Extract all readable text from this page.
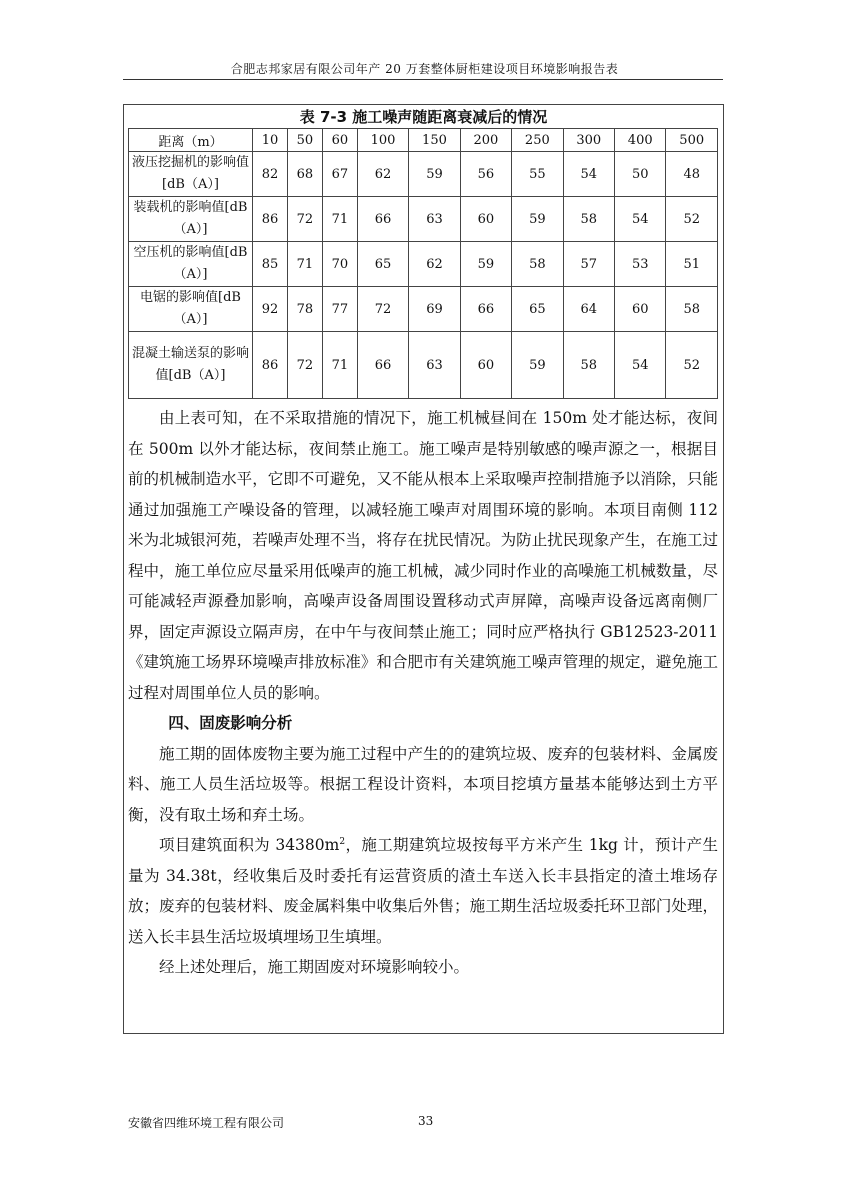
合肥志邦家居有限公司年产 20 万套整体厨柜建设项目环境影响报告表
表 7-3 施工噪声随距离衰减后的情况
距离（m）	10	50	60	100	150	200	250	300	400	500
液压挖掘机的影响值[dB（A）]	82	68	67	62	59	56	55	54	50	48
装载机的影响值[dB（A）]	86	72	71	66	63	60	59	58	54	52
空压机的影响值[dB（A）]	85	71	70	65	62	59	58	57	53	51
电锯的影响值[dB（A）]	92	78	77	72	69	66	65	64	60	58
混凝土输送泵的影响值[dB（A）]	86	72	71	66	63	60	59	58	54	52

由上表可知，在不采取措施的情况下，施工机械昼间在 150m 处才能达标，夜间在 500m 以外才能达标，夜间禁止施工。施工噪声是特别敏感的噪声源之一，根据目前的机械制造水平，它即不可避免，又不能从根本上采取噪声控制措施予以消除，只能通过加强施工产噪设备的管理，以减轻施工噪声对周围环境的影响。本项目南侧 112 米为北城银河苑，若噪声处理不当，将存在扰民情况。为防止扰民现象产生，在施工过程中，施工单位应尽量采用低噪声的施工机械，减少同时作业的高噪施工机械数量，尽可能减轻声源叠加影响，高噪声设备周围设置移动式声屏障，高噪声设备远离南侧厂界，固定声源设立隔声房，在中午与夜间禁止施工；同时应严格执行 GB12523-2011《建筑施工场界环境噪声排放标准》和合肥市有关建筑施工噪声管理的规定，避免施工过程对周围单位人员的影响。

四、固废影响分析

施工期的固体废物主要为施工过程中产生的的建筑垃圾、废弃的包装材料、金属废料、施工人员生活垃圾等。根据工程设计资料，本项目挖填方量基本能够达到土方平衡，没有取土场和弃土场。

项目建筑面积为 $34380m^2$，施工期建筑垃圾按每平方米产生 1kg 计，预计产生量为 34.38t，经收集后及时委托有运营资质的渣土车送入长丰县指定的渣土堆场存放；废弃的包装材料、废金属料集中收集后外售；施工期生活垃圾委托环卫部门处理，送入长丰县生活垃圾填埋场卫生填埋。

经上述处理后，施工期固废对环境影响较小。

安徽省四维环境工程有限公司	33
